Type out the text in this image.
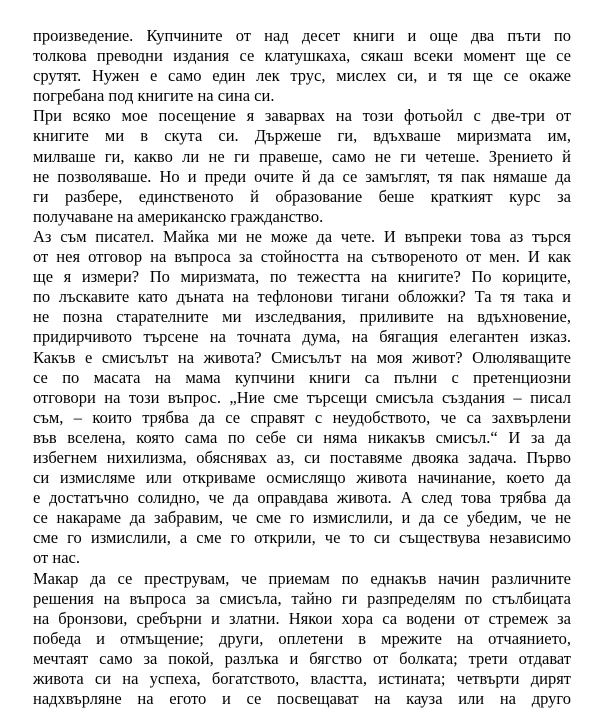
произведение. Купчините от над десет книги и още два пъти по
толкова преводни издания се клатушкаха, сякаш всеки момент ще се
срутят. Нужен е само един лек трус, мислех си, и тя ще се окаже
погребана под книгите на сина си.
При всяко мое посещение я заварвах на този фотьойл с две-три от
книгите ми в скута си. Държеше ги, вдъхваше миризмата им,
милваше ги, какво ли не ги правеше, само не ги четеше. Зрението й
не позволяваше. Но и преди очите й да се замъглят, тя пак нямаше да
ги разбере, единственото й образование беше краткият курс за
получаване на американско гражданство.
Аз съм писател. Майка ми не може да чете. И въпреки това аз търся
от нея отговор на въпроса за стойността на сътвореното от мен. И как
ще я измери? По миризмата, по тежестта на книгите? По кориците,
по лъскавите като дъната на тефлонови тигани обложки? Та тя така и
не позна старателните ми изследвания, приливите на вдъхновение,
придирчивото търсене на точната дума, на бягащия елегантен изказ.
Какъв е смисълът на живота? Смисълът на моя живот? Олюляващите
се по масата на мама купчини книги са пълни с претенциозни
отговори на този въпрос. „Ние сме търсещи смисъла създания – писал
съм, – които трябва да се справят с неудобството, че са захвърлени
във вселена, която сама по себе си няма никакъв смисъл.“ И за да
избегнем нихилизма, обяснявах аз, си поставяме двояка задача. Първо
си измисляме или откриваме осмислящо живота начинание, което да
е достатъчно солидно, че да оправдава живота. А след това трябва да
се накараме да забравим, че сме го измислили, и да се убедим, че не
сме го измислили, а сме го открили, че то си съществува независимо
от нас.
Макар да се преструвам, че приемам по еднакъв начин различните
решения на въпроса за смисъла, тайно ги разпределям по стълбицата
на бронзови, сребърни и златни. Някои хора са водени от стремеж за
победа и отмъщение; други, оплетени в мрежите на отчаянието,
мечтаят само за покой, разлъка и бягство от болката; трети отдават
живота си на успеха, богатството, властта, истината; четвърти дирят
надхвърляне на егото и се посвещават на кауза или на друго
